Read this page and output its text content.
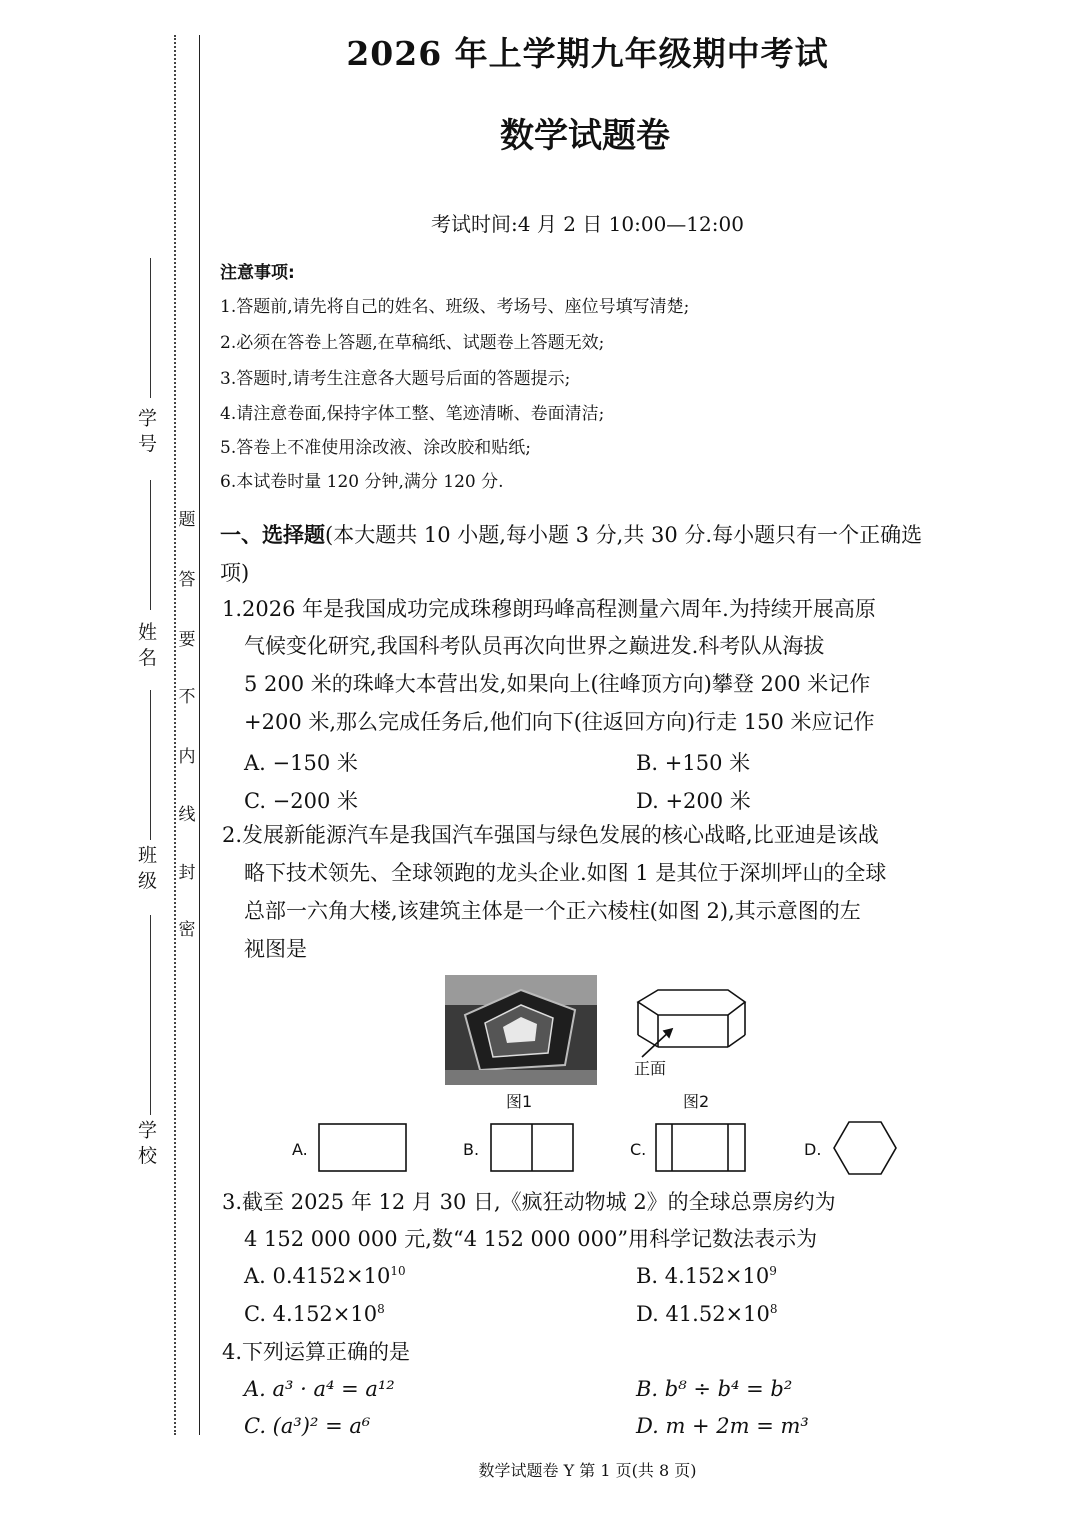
学 号
姓 名
班 级
学 校
题
答
要
不
内
线
封
密
2026 年上学期九年级期中考试
数学试题卷
考试时间:4 月 2 日 10:00—12:00
注意事项:
1.答题前,请先将自己的姓名、班级、考场号、座位号填写清楚;
2.必须在答卷上答题,在草稿纸、试题卷上答题无效;
3.答题时,请考生注意各大题号后面的答题提示;
4.请注意卷面,保持字体工整、笔迹清晰、卷面清洁;
5.答卷上不准使用涂改液、涂改胶和贴纸;
6.本试卷时量 120 分钟,满分 120 分.
一、选择题(本大题共 10 小题,每小题 3 分,共 30 分.每小题只有一个正确选项)
1.2026 年是我国成功完成珠穆朗玛峰高程测量六周年.为持续开展高原
气候变化研究,我国科考队员再次向世界之巅进发.科考队从海拔
5 200 米的珠峰大本营出发,如果向上(往峰顶方向)攀登 200 米记作
+200 米,那么完成任务后,他们向下(往返回方向)行走 150 米应记作
A. −150 米	B. +150 米
C. −200 米	D. +200 米
2.发展新能源汽车是我国汽车强国与绿色发展的核心战略,比亚迪是该战
略下技术领先、全球领跑的龙头企业.如图 1 是其位于深圳坪山的全球
总部一六角大楼,该建筑主体是一个正六棱柱(如图 2),其示意图的左
视图是
图1
正面
图2
A.	B.	C.	D.
3.截至 2025 年 12 月 30 日,《疯狂动物城 2》的全球总票房约为
4 152 000 000 元,数“4 152 000 000”用科学记数法表示为
A. $0.4152\times 10^{10}$	B. $4.152\times 10^9$
C. $4.152\times 10^8$	D. $41.52\times 10^8$
4.下列运算正确的是
A. a³ · a⁴ = a¹²	B. b⁸ ÷ b⁴ = b²
C. (a³)² = a⁶	D. m + 2m = m³
数学试题卷 Y 第 1 页(共 8 页)
